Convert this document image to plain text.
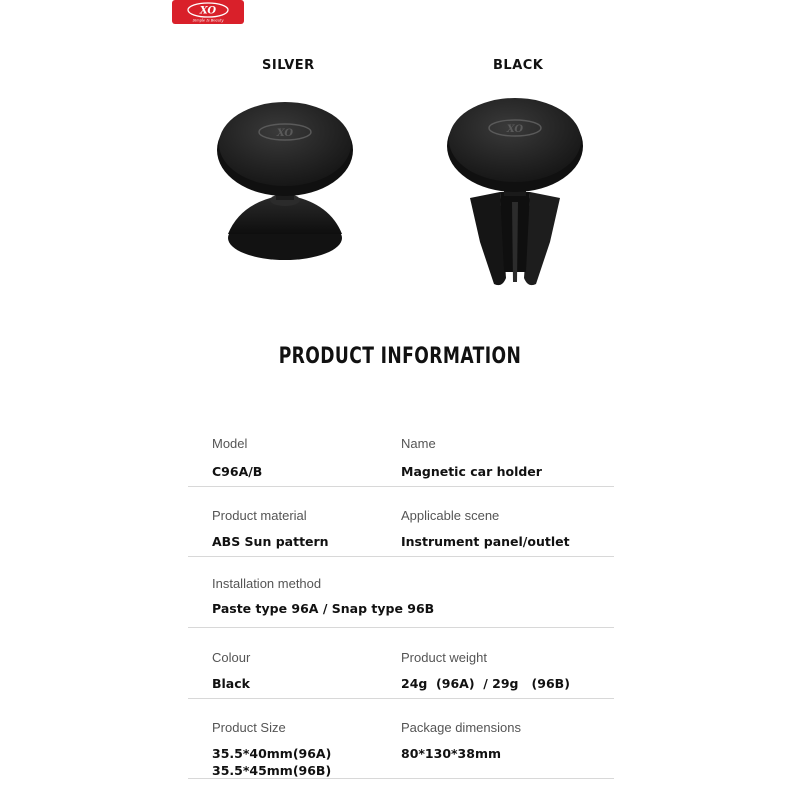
XO
Simple Is Beauty
SILVER	BLACK
XO	XO
PRODUCT INFORMATION
Model
C96A/B
Name
Magnetic car holder
Product material
ABS Sun pattern
Applicable scene
Instrument panel/outlet
Installation method
Paste type 96A / Snap type 96B
Colour
Black
Product weight
24g  (96A)  / 29g   (96B)
Product Size
35.5*40mm(96A)
35.5*45mm(96B)
Package dimensions
80*130*38mm
